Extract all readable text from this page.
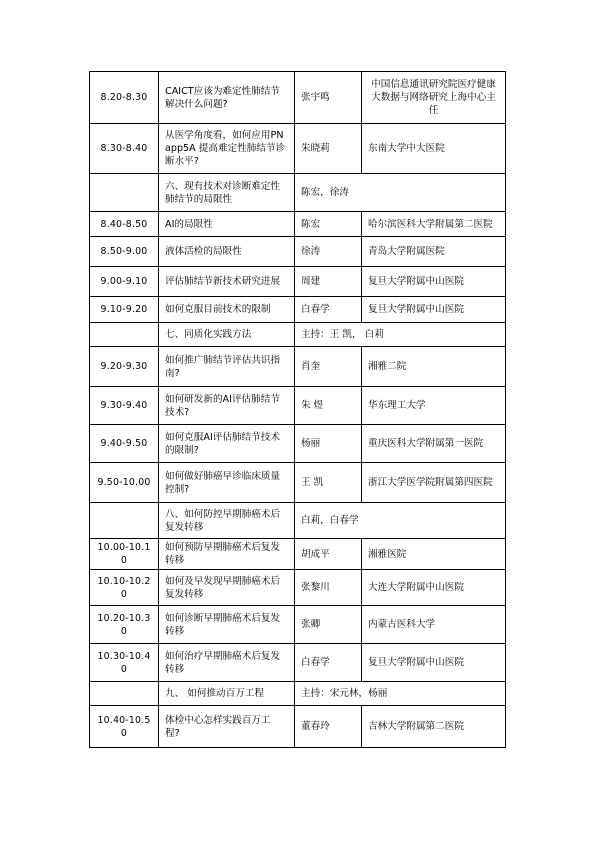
8.20-8.30	CAICT应该为难定性肺结节解决什么问题?	张宇鸣	中国信息通讯研究院医疗健康大数据与网络研究上海中心主任
8.30-8.40	从医学角度看，如何应用PNapp5A 提高难定性肺结节诊断水平?	朱晓莉	东南大学中大医院
	六、现有技术对诊断难定性 肺结节的局限性	陈宏，徐涛	
8.40-8.50	AI的局限性	陈宏	哈尔滨医科大学附属第二医院
8.50-9.00	液体活检的局限性	徐涛	青岛大学附属医院
9.00-9.10	评估肺结节新技术研究进展	周建	复旦大学附属中山医院
9.10-9.20	如何克服目前技术的限制	白春学	复旦大学附属中山医院
	七、同质化实践方法	主持：王 凯， 白莉	
9.20-9.30	如何推广肺结节评估共识指 南?	肖奎	湘雅二院
9.30-9.40	如何研发新的AI评估肺结节技术?	朱 煜	华东理工大学
9.40-9.50	如何克服AI评估肺结节技术的限制?	杨丽	重庆医科大学附属第一医院
9.50-10.00	如何做好肺癌早诊临床质量 控制?	王 凯	浙江大学医学院附属第四医院
	八、如何防控早期肺癌术后 复发转移	白莉，白春学	
10.00-10.10	如何预防早期肺癌术后复发 转移	胡成平	湘雅医院
10.10-10.20	如何及早发现早期肺癌术后 复发转移	张黎川	大连大学附属中山医院
10.20-10.30	如何诊断早期肺癌术后复发 转移	张卿	内蒙古医科大学
10.30-10.40	如何治疗早期肺癌术后复发 转移	白春学	复旦大学附属中山医院
	九、 如何推动百万工程	主持：宋元林，杨丽	
10.40-10.50	体检中心怎样实践百万工 程?	董春玲	吉林大学附属第二医院
